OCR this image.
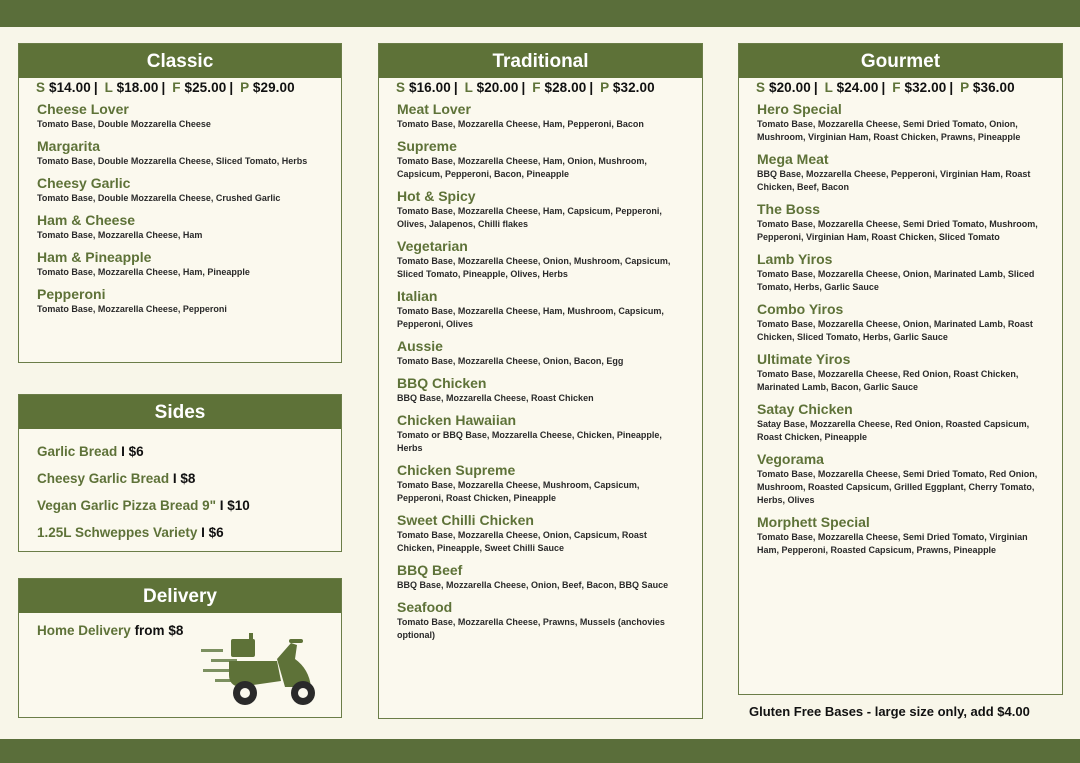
Classic
S $14.00 | L $18.00 | F $25.00 | P $29.00
Cheese Lover
Tomato Base, Double Mozzarella Cheese
Margarita
Tomato Base, Double Mozzarella Cheese, Sliced Tomato, Herbs
Cheesy Garlic
Tomato Base, Double Mozzarella Cheese, Crushed Garlic
Ham & Cheese
Tomato Base, Mozzarella Cheese, Ham
Ham & Pineapple
Tomato Base, Mozzarella Cheese, Ham, Pineapple
Pepperoni
Tomato Base, Mozzarella Cheese, Pepperoni
Sides
Garlic Bread I $6
Cheesy Garlic Bread I $8
Vegan Garlic Pizza Bread 9" I $10
1.25L Schweppes Variety I $6
Delivery
Home Delivery from $8
Traditional
S $16.00 | L $20.00 | F $28.00 | P $32.00
Meat Lover
Tomato Base, Mozzarella Cheese, Ham, Pepperoni, Bacon
Supreme
Tomato Base, Mozzarella Cheese, Ham, Onion, Mushroom, Capsicum, Pepperoni, Bacon, Pineapple
Hot & Spicy
Tomato Base, Mozzarella Cheese, Ham, Capsicum, Pepperoni, Olives, Jalapenos, Chilli flakes
Vegetarian
Tomato Base, Mozzarella Cheese, Onion, Mushroom, Capsicum, Sliced Tomato, Pineapple, Olives, Herbs
Italian
Tomato Base, Mozzarella Cheese, Ham, Mushroom, Capsicum, Pepperoni, Olives
Aussie
Tomato Base, Mozzarella Cheese, Onion, Bacon, Egg
BBQ Chicken
BBQ Base, Mozzarella Cheese, Roast Chicken
Chicken Hawaiian
Tomato or BBQ Base, Mozzarella Cheese, Chicken, Pineapple, Herbs
Chicken Supreme
Tomato Base, Mozzarella Cheese, Mushroom, Capsicum, Pepperoni, Roast Chicken, Pineapple
Sweet Chilli Chicken
Tomato Base, Mozzarella Cheese, Onion, Capsicum, Roast Chicken, Pineapple, Sweet Chilli Sauce
BBQ Beef
BBQ Base, Mozzarella Cheese, Onion, Beef, Bacon, BBQ Sauce
Seafood
Tomato Base, Mozzarella Cheese, Prawns, Mussels (anchovies optional)
Gourmet
S $20.00 | L $24.00 | F $32.00 | P $36.00
Hero Special
Tomato Base, Mozzarella Cheese, Semi Dried Tomato, Onion, Mushroom, Virginian Ham, Roast Chicken, Prawns, Pineapple
Mega Meat
BBQ Base, Mozzarella Cheese, Pepperoni, Virginian Ham, Roast Chicken, Beef, Bacon
The Boss
Tomato Base, Mozzarella Cheese, Semi Dried Tomato, Mushroom, Pepperoni, Virginian Ham, Roast Chicken, Sliced Tomato
Lamb Yiros
Tomato Base, Mozzarella Cheese, Onion, Marinated Lamb, Sliced Tomato, Herbs, Garlic Sauce
Combo Yiros
Tomato Base, Mozzarella Cheese, Onion, Marinated Lamb, Roast Chicken, Sliced Tomato, Herbs, Garlic Sauce
Ultimate Yiros
Tomato Base, Mozzarella Cheese, Red Onion, Roast Chicken, Marinated Lamb, Bacon, Garlic Sauce
Satay Chicken
Satay Base, Mozzarella Cheese, Red Onion, Roasted Capsicum, Roast Chicken, Pineapple
Vegorama
Tomato Base, Mozzarella Cheese, Semi Dried Tomato, Red Onion, Mushroom, Roasted Capsicum, Grilled Eggplant, Cherry Tomato, Herbs, Olives
Morphett Special
Tomato Base, Mozzarella Cheese, Semi Dried Tomato, Virginian Ham, Pepperoni, Roasted Capsicum, Prawns, Pineapple
Gluten Free Bases - large size only, add $4.00
